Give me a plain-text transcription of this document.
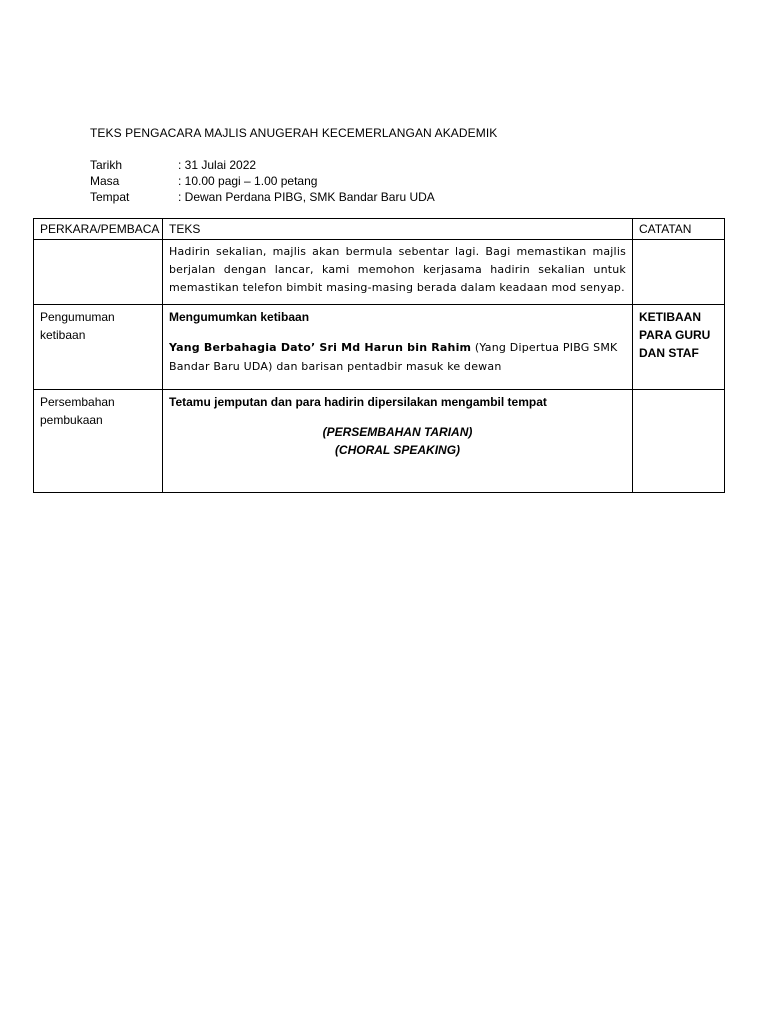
TEKS PENGACARA MAJLIS ANUGERAH KECEMERLANGAN AKADEMIK
Tarikh	: 31 Julai 2022
Masa	: 10.00 pagi – 1.00 petang
Tempat	: Dewan Perdana PIBG, SMK Bandar Baru UDA
PERKARA/PEMBACA	TEKS	CATATAN
	Hadirin sekalian, majlis akan bermula sebentar lagi. Bagi memastikan majlis berjalan dengan lancar, kami memohon kerjasama hadirin sekalian untuk memastikan telefon bimbit masing-masing berada dalam keadaan mod senyap.	
Pengumuman ketibaan	Mengumumkan ketibaan
Yang Berbahagia Dato’ Sri Md Harun bin Rahim (Yang Dipertua PIBG SMK Bandar Baru UDA) dan barisan pentadbir masuk ke dewan	KETIBAAN PARA GURU DAN STAF
Persembahan pembukaan	Tetamu jemputan dan para hadirin dipersilakan mengambil tempat
(PERSEMBAHAN TARIAN)
(CHORAL SPEAKING)	
